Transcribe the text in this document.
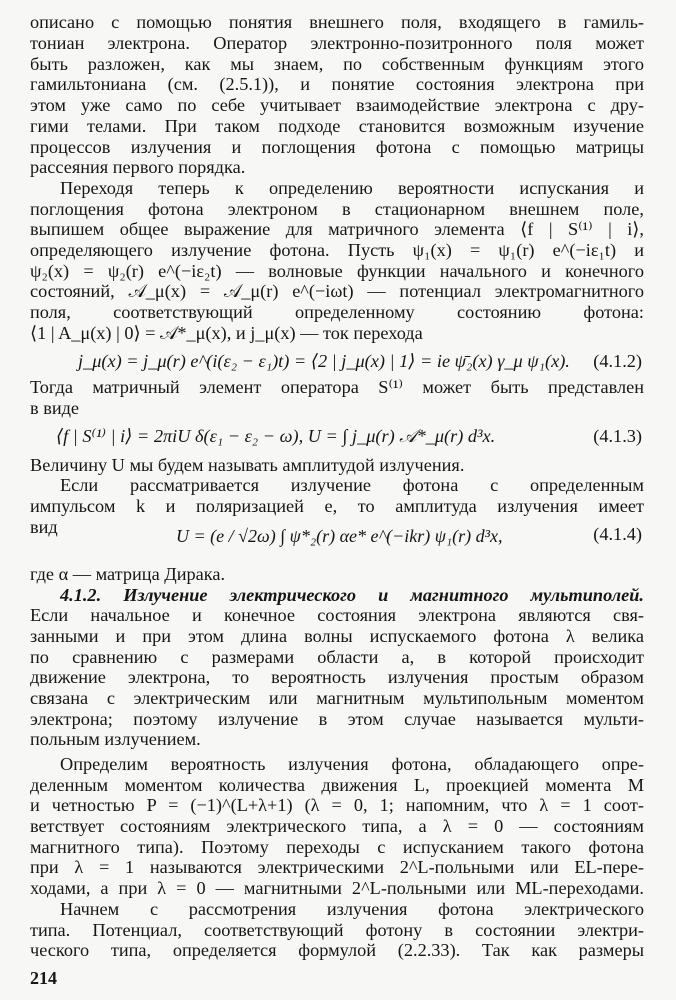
описано с помощью понятия внешнего поля, входящего в гамиль-
тониан электрона. Оператор электронно-позитронного поля может
быть разложен, как мы знаем, по собственным функциям этого
гамильтониана (см. (2.5.1)), и понятие состояния электрона при
этом уже само по себе учитывает взаимодействие электрона с дру-
гими телами. При таком подходе становится возможным изучение
процессов излучения и поглощения фотона с помощью матрицы
рассеяния первого порядка.
Переходя теперь к определению вероятности испускания и
поглощения фотона электроном в стационарном внешнем поле,
выпишем общее выражение для матричного элемента ⟨f | S⁽¹⁾ | i⟩,
определяющего излучение фотона. Пусть ψ₁(x) = ψ₁(r) e^(−iε₁t) и
ψ₂(x) = ψ₂(r) e^(−iε₂t) — волновые функции начального и конечного
состояний, 𝒜_μ(x) = 𝒜_μ(r) e^(−iωt) — потенциал электромагнитного
поля, соответствующий определенному состоянию фотона:
⟨1 | A_μ(x) | 0⟩ = 𝒜*_μ(x), и j_μ(x) — ток перехода
j_μ(x) = j_μ(r) e^(i(ε₂ − ε₁)t) = ⟨2 | j_μ(x) | 1⟩ = ie ψ̄₂(x) γ_μ ψ₁(x). (4.1.2)
Тогда матричный элемент оператора S⁽¹⁾ может быть представлен
в виде
⟨f | S⁽¹⁾ | i⟩ = 2πiU δ(ε₁ − ε₂ − ω), U = ∫ j_μ(r) 𝒜*_μ(r) d³x.	(4.1.3)
Величину U мы будем называть амплитудой излучения.
Если рассматривается излучение фотона с определенным
импульсом k и поляризацией e, то амплитуда излучения имеет
вид	U = (e / √2ω) ∫ ψ*₂(r) αe* e^(−ikr) ψ₁(r) d³x,	(4.1.4)
где α — матрица Дирака.
4.1.2. Излучение электрического и магнитного мультиполей.
Если начальное и конечное состояния электрона являются свя-
занными и при этом длина волны испускаемого фотона λ велика
по сравнению с размерами области a, в которой происходит
движение электрона, то вероятность излучения простым образом
связана с электрическим или магнитным мультипольным моментом
электрона; поэтому излучение в этом случае называется мульти-
польным излучением.
Определим вероятность излучения фотона, обладающего опре-
деленным моментом количества движения L, проекцией момента M
и четностью P = (−1)^(L+λ+1) (λ = 0, 1; напомним, что λ = 1 соот-
ветствует состояниям электрического типа, а λ = 0 — состояниям
магнитного типа). Поэтому переходы с испусканием такого фотона
при λ = 1 называются электрическими 2^L-польными или EL-пере-
ходами, а при λ = 0 — магнитными 2^L-польными или ML-переходами.
Начнем с рассмотрения излучения фотона электрического
типа. Потенциал, соответствующий фотону в состоянии электри-
ческого типа, определяется формулой (2.2.33). Так как размеры
214
